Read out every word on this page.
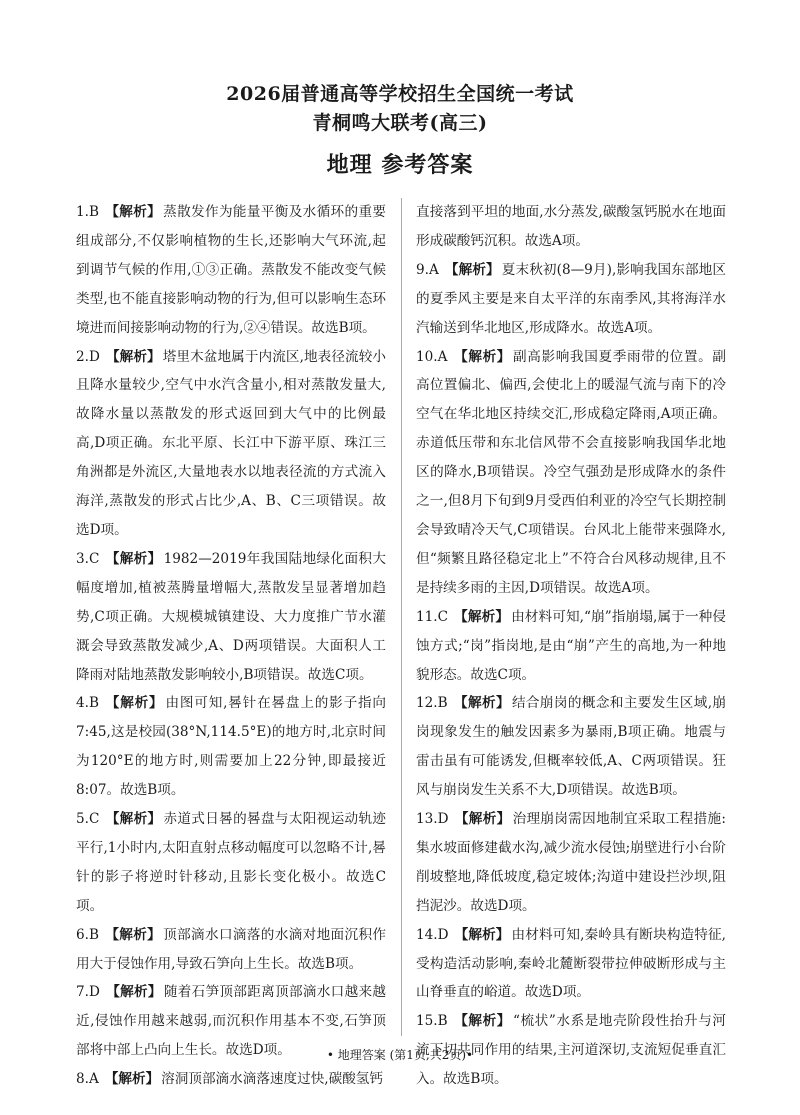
2026届普通高等学校招生全国统一考试
青桐鸣大联考(高三)
地理 参考答案

1.B 【解析】 蒸散发作为能量平衡及水循环的重要组成部分,不仅影响植物的生长,还影响大气环流,起到调节气候的作用,①③正确。蒸散发不能改变气候类型,也不能直接影响动物的行为,但可以影响生态环境进而间接影响动物的行为,②④错误。故选B项。

2.D 【解析】 塔里木盆地属于内流区,地表径流较小且降水量较少,空气中水汽含量小,相对蒸散发量大,故降水量以蒸散发的形式返回到大气中的比例最高,D项正确。东北平原、长江中下游平原、珠江三角洲都是外流区,大量地表水以地表径流的方式流入海洋,蒸散发的形式占比少,A、B、C三项错误。故选D项。

3.C 【解析】 1982—2019年我国陆地绿化面积大幅度增加,植被蒸腾量增幅大,蒸散发呈显著增加趋势,C项正确。大规模城镇建设、大力度推广节水灌溉会导致蒸散发减少,A、D两项错误。大面积人工降雨对陆地蒸散发影响较小,B项错误。故选C项。

4.B 【解析】 由图可知,晷针在晷盘上的影子指向7:45,这是校园(38°N,114.5°E)的地方时,北京时间为120°E的地方时,则需要加上22分钟,即最接近8:07。故选B项。

5.C 【解析】 赤道式日晷的晷盘与太阳视运动轨迹平行,1小时内,太阳直射点移动幅度可以忽略不计,晷针的影子将逆时针移动,且影长变化极小。故选C项。

6.B 【解析】 顶部滴水口滴落的水滴对地面沉积作用大于侵蚀作用,导致石笋向上生长。故选B项。

7.D 【解析】 随着石笋顶部距离顶部滴水口越来越近,侵蚀作用越来越弱,而沉积作用基本不变,石笋顶部将中部上凸向上生长。故选D项。

8.A 【解析】 溶洞顶部滴水滴落速度过快,碳酸氢钙

直接落到平坦的地面,水分蒸发,碳酸氢钙脱水在地面形成碳酸钙沉积。故选A项。

9.A 【解析】 夏末秋初(8—9月),影响我国东部地区的夏季风主要是来自太平洋的东南季风,其将海洋水汽输送到华北地区,形成降水。故选A项。

10.A 【解析】 副高影响我国夏季雨带的位置。副高位置偏北、偏西,会使北上的暖湿气流与南下的冷空气在华北地区持续交汇,形成稳定降雨,A项正确。赤道低压带和东北信风带不会直接影响我国华北地区的降水,B项错误。冷空气强劲是形成降水的条件之一,但8月下旬到9月受西伯利亚的冷空气长期控制会导致晴冷天气,C项错误。台风北上能带来强降水,但“频繁且路径稳定北上”不符合台风移动规律,且不是持续多雨的主因,D项错误。故选A项。

11.C 【解析】 由材料可知,“崩”指崩塌,属于一种侵蚀方式;“岗”指岗地,是由“崩”产生的高地,为一种地貌形态。故选C项。

12.B 【解析】 结合崩岗的概念和主要发生区域,崩岗现象发生的触发因素多为暴雨,B项正确。地震与雷击虽有可能诱发,但概率较低,A、C两项错误。狂风与崩岗发生关系不大,D项错误。故选B项。

13.D 【解析】 治理崩岗需因地制宜采取工程措施:集水坡面修建截水沟,减少流水侵蚀;崩壁进行小台阶削坡整地,降低坡度,稳定坡体;沟道中建设拦沙坝,阻挡泥沙。故选D项。

14.D 【解析】 由材料可知,秦岭具有断块构造特征,受构造活动影响,秦岭北麓断裂带拉伸破断形成与主山脊垂直的峪道。故选D项。

15.B 【解析】 “梳状”水系是地壳阶段性抬升与河流下切共同作用的结果,主河道深切,支流短促垂直汇入。故选B项。

• 地理答案 (第1页,共2页)•
